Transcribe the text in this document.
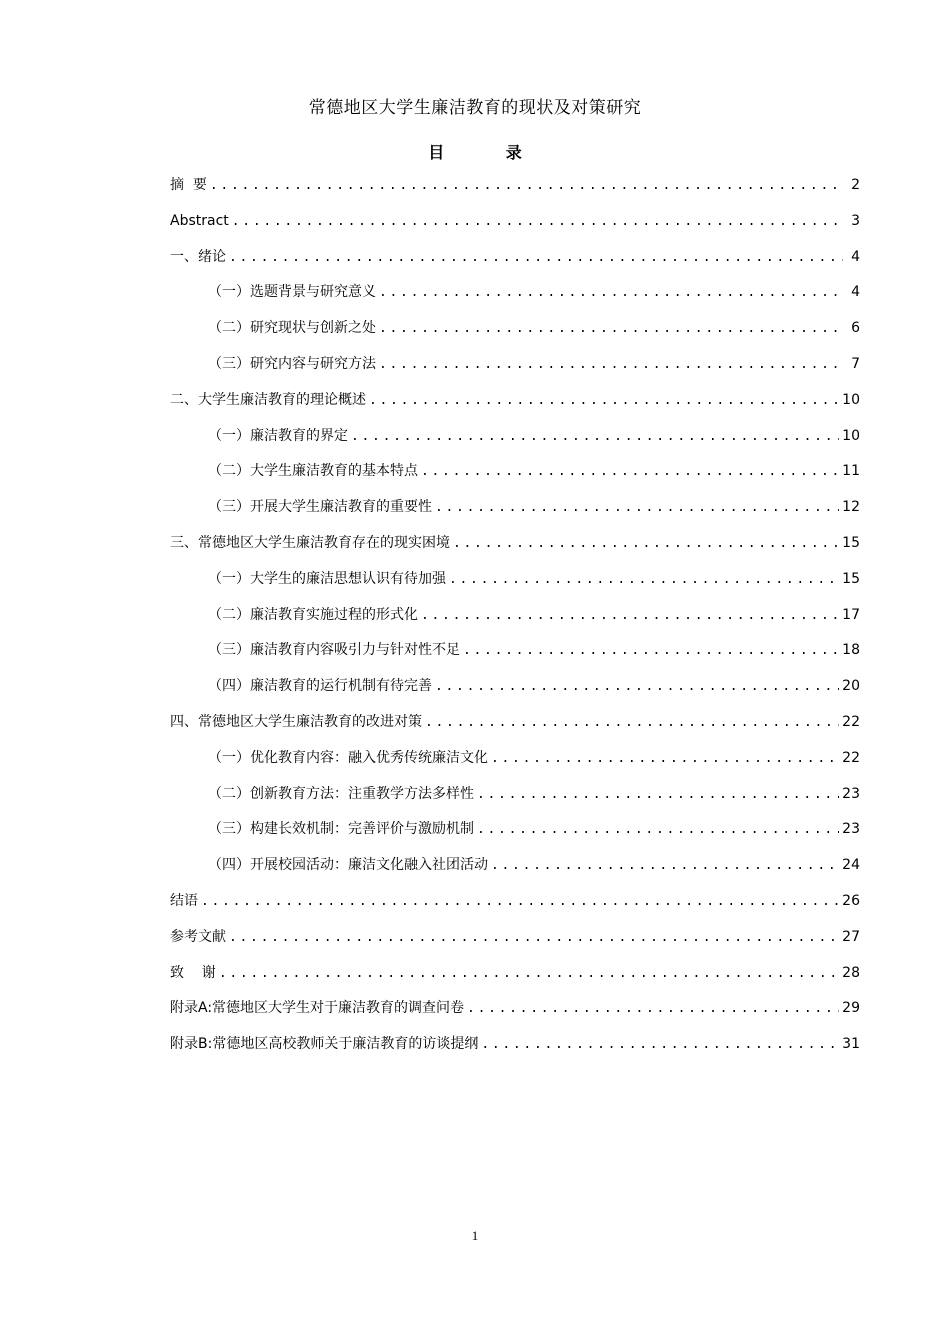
常德地区大学生廉洁教育的现状及对策研究
目 录
摘  要 .....	2
Abstract .....	3
一、绪论 .....	4
（一）选题背景与研究意义 .....	4
（二）研究现状与创新之处 .....	6
（三）研究内容与研究方法 .....	7
二、大学生廉洁教育的理论概述 .....	10
（一）廉洁教育的界定 .....	10
（二）大学生廉洁教育的基本特点 .....	11
（三）开展大学生廉洁教育的重要性 .....	12
三、常德地区大学生廉洁教育存在的现实困境 .....	15
（一）大学生的廉洁思想认识有待加强 .....	15
（二）廉洁教育实施过程的形式化 .....	17
（三）廉洁教育内容吸引力与针对性不足 .....	18
（四）廉洁教育的运行机制有待完善 .....	20
四、常德地区大学生廉洁教育的改进对策 .....	22
（一）优化教育内容：融入优秀传统廉洁文化 .....	22
（二）创新教育方法：注重教学方法多样性 .....	23
（三）构建长效机制：完善评价与激励机制 .....	23
（四）开展校园活动：廉洁文化融入社团活动 .....	24
结语 .....	26
参考文献 .....	27
致    谢 .....	28
附录A:常德地区大学生对于廉洁教育的调查问卷 .....	29
附录B:常德地区高校教师关于廉洁教育的访谈提纲 .....	31
1
